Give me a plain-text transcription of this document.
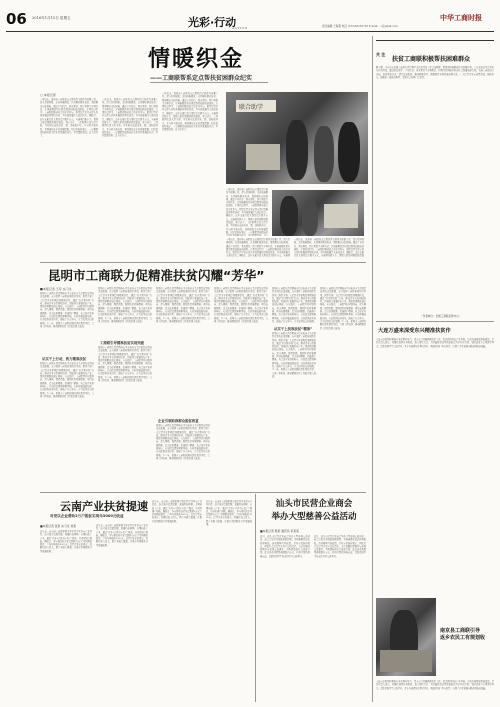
06 2016年1月15日 星期五	光彩·行动
ACTION
中华工商时报
责任编辑 王海燕 电话 (010)58252795 E-mail: ···@gmail.com
情暖织金
——工商联帮系定点帮扶贫困群众纪实
□ 本报记者
一直以来，贵州省工商联将定点帮扶织金县作为重要工作，深入贫困村组，走访困难群众，认真倾听群众诉求，帮助解决实际困难。通过产业扶持、教育帮扶、医疗救助等多种方式，让困难群众切实感受到党和政府的温暖。在帮扶过程中，工商联积极动员会员企业参与，组织民营企业家深入乡村开展结对帮扶活动，为当地发展注入新的活力。据统计，近年来累计投入帮扶资金数千万元，实施项目数十个，帮助大批贫困群众脱贫致富。春节前夕，工作组再次深入织金县，为贫困家庭送去米、面、油和慰问金，并与村干部座谈，共同谋划来年的发展思路。村民们纷纷表示，一定要把党和政府的关怀化作发展的动力，早日摆脱贫困，过上好日子。
一直以来，贵州省工商联将定点帮扶织金县作为重要工作，深入贫困村组，走访困难群众，认真倾听群众诉求，帮助解决实际困难。通过产业扶持、教育帮扶、医疗救助等多种方式，让困难群众切实感受到党和政府的温暖。在帮扶过程中，工商联积极动员会员企业参与，组织民营企业家深入乡村开展结对帮扶活动，为当地发展注入新的活力。据统计，近年来累计投入帮扶资金数千万元，实施项目数十个，帮助大批贫困群众脱贫致富。春节前夕，工作组再次深入织金县，为贫困家庭送去米、面、油和慰问金，并与村干部座谈，共同谋划来年的发展思路。村民们纷纷表示，一定要把党和政府的关怀化作发展的动力，早日摆脱贫困，过上好日子。
一直以来，贵州省工商联将定点帮扶织金县作为重要工作，深入贫困村组，走访困难群众，认真倾听群众诉求，帮助解决实际困难。通过产业扶持、教育帮扶、医疗救助等多种方式，让困难群众切实感受到党和政府的温暖。在帮扶过程中，工商联积极动员会员企业参与，组织民营企业家深入乡村开展结对帮扶活动，为当地发展注入新的活力。据统计，近年来累计投入帮扶资金数千万元，实施项目数十个，帮助大批贫困群众脱贫致富。春节前夕，工作组再次深入织金县，为贫困家庭送去米、面、油和慰问金，并与村干部座谈，共同谋划来年的发展思路。村民们纷纷表示，一定要把党和政府的关怀化作发展的动力，早日摆脱贫困，过上好日子。
联合助学
一直以来，贵州省工商联将定点帮扶织金县作为重要工作，深入贫困村组，走访困难群众，认真倾听群众诉求，帮助解决实际困难。通过产业扶持、教育帮扶、医疗救助等多种方式，让困难群众切实感受到党和政府的温暖。在帮扶过程中，工商联积极动员会员企业参与，组织民营企业家深入乡村开展结对帮扶活动，为当地发展注入新的活力。据统计，近年来累计投入帮扶资金数千万元，实施项目数十个，帮助大批贫困群众脱贫致富。春节前夕，工作组再次深入织金县，为贫困家庭送去米、面、油和慰问金，并与村干部座谈，共同谋划来年的发展思路。村民们纷纷表示，一定要把党和政府的关怀化作发展的动力，早日摆脱贫困，过上
一直以来，贵州省工商联将定点帮扶织金县作为重要工作，深入贫困村组，走访困难群众，认真倾听群众诉求，帮助解决实际困难。通过产业扶持、教育帮扶、医疗救助等多种方式，让困难群众切实感受到党和政府的温暖。在帮扶过程中，工商联积极动员会员企业参与，组织民营企业家深入乡村开展结对帮扶活动，为当地发展注入新的活力。据统计，近年来累计投入帮扶资金数千万元，实施项
一直以来，贵州省工商联将定点帮扶织金县作为重要工作，深入贫困村组，走访困难群众，认真倾听群众诉求，帮助解决实际困难。通过产业扶持、教育帮扶、医疗救助等多种方式，让困难群众切实感受到党和政府的温暖。在帮扶过程中，工商联积极动员会员企业参与，组织民营企业家深入乡村开展结对帮扶活动，为当地发展注入新的活力。据统计，近年来累计投入帮扶资金数千万元，实施项目数十个，帮助大批贫困群众脱贫致
关 注
扶贫工商联积极帮扶困难群众
据了解，今年以来各级工商联认真贯彻中央扶贫开发工作会议精神，把帮助困难群众作为重要任务，广泛动员民营企业参与扶贫开发，通过捐资助学、产业扶持、就业帮扶等多种形式，积极为贫困地区经济社会发展贡献力量。各地工商联结合实际，创新帮扶方式，建立长效机制，推动精准扶贫、精准脱贫各项措施落到实处。广大民营企业家热情高涨，踊跃参与，涌现出一批先进典型，受到社会各界广泛好评。
（作者单位：全国工商联宣教中心）
大连万盛来深受东兴精准扶贫作
大连万盛集团积极响应光彩事业号召，深入东兴开展精准扶贫工作，投资建设特色产业基地，带动当地群众增收致富。企业负责人表示，将继续发挥自身优势，加大帮扶力度，为打赢脱贫攻坚战贡献民营企业的力量。集团还设立专项助学基金，资助贫困学生完成学业，并在当地建设养殖合作社，吸纳贫困户参与经营，实现了企业发展与群众增收的双赢。
南京县工商联引导
返乡农民工有规划收
大连万盛集团积极响应光彩事业号召，深入东兴开展精准扶贫工作，投资建设特色产业基地，带动当地群众增收致富。企业负责人表示，将继续发挥自身优势，加大帮扶力度，为打赢脱贫攻坚战贡献民营企业的力量。集团还设立专项助学基金，资助贫困学生完成学业，并在当地建设养殖合作社，吸纳贫困户参与经营，实现了企业发展与群众增收的双赢。
昆明市工商联力促精准扶贫闪耀“芳华”
■本报记者 王有 实习生
昆明市工商联认真贯彻落实中央和省市关于脱贫攻坚的决策部署，充分发挥工商联桥梁纽带作用，组织引导广大民营企业积极投身精准扶贫。通过“百企帮百村”行动，推动企业与贫困村结对，因地制宜发展特色产业，帮助贫困群众稳定增收。在实践中，工商联坚持问题导向，深入调研，摸清底数，做到扶贫对象精准、项目安排精准、资金使用精准、措施到户精准。各会员企业纷纷响应，有的投资建设种植基地，有的开展技能培训，有的提供就业岗位，形成了多元参与、合力攻坚的良好局面。下一步，昆明市工商联将继续深化帮扶举措，完善工作机制，推动精准扶贫工作取得更大成效。
从实干上行动，致力精准扶贫
昆明市工商联认真贯彻落实中央和省市关于脱贫攻坚的决策部署，充分发挥工商联桥梁纽带作用，组织引导广大民营企业积极投身精准扶贫。通过“百企帮百村”行动，推动企业与贫困村结对，因地制宜发展特色产业，帮助贫困群众稳定增收。在实践中，工商联坚持问题导向，深入调研，摸清底数，做到扶贫对象精准、项目安排精准、资金使用精准、措施到户精准。各会员企业纷纷响应，有的投资建设种植基地，有的开展技能培训，有的提供就业岗位，形成了多元参与、合力攻坚的良好局面。下一步，昆明市工商联将继续深化帮扶举措，完善工作机制，推动精准扶贫工作取得更大成效。
昆明市工商联认真贯彻落实中央和省市关于脱贫攻坚的决策部署，充分发挥工商联桥梁纽带作用，组织引导广大民营企业积极投身精准扶贫。通过“百企帮百村”行动，推动企业与贫困村结对，因地制宜发展特色产业，帮助贫困群众稳定增收。在实践中，工商联坚持问题导向，深入调研，摸清底数，做到扶贫对象精准、项目安排精准、资金使用精准、措施到户精准。各会员企业纷纷响应，有的投资建设种植基地，有的开展技能培训，有的提供就业岗位，形成了多元参与、合力攻坚的良好局面。下一步，昆明市工商联将继续深化帮扶举措，完善工作机制，推动精准扶贫工作取得更大成效。
工商联引导精准扶贫实现突破
昆明市工商联认真贯彻落实中央和省市关于脱贫攻坚的决策部署，充分发挥工商联桥梁纽带作用，组织引导广大民营企业积极投身精准扶贫。通过“百企帮百村”行动，推动企业与贫困村结对，因地制宜发展特色产业，帮助贫困群众稳定增收。在实践中，工商联坚持问题导向，深入调研，摸清底数，做到扶贫对象精准、项目安排精准、资金使用精准、措施到户精准。各会员企业纷纷响应，有的投资建设种植基地，有的开展技能培训，有的提供就业岗位，形成了多元参与、合力攻坚的良好局面。下一步，昆明市工商联将继续深化帮扶举措，完善工作机制，推动精准扶贫工作取得更大成效。
昆明市工商联认真贯彻落实中央和省市关于脱贫攻坚的决策部署，充分发挥工商联桥梁纽带作用，组织引导广大民营企业积极投身精准扶贫。通过“百企帮百村”行动，推动企业与贫困村结对，因地制宜发展特色产业，帮助贫困群众稳定增收。在实践中，工商联坚持问题导向，深入调研，摸清底数，做到扶贫对象精准、项目安排精准、资金使用精准、措施到户精准。各会员企业纷纷响应，有的投资建设种植基地，有的开展技能培训，有的提供就业岗位，形成了多元参与、合力攻坚的良好局面。下一步，昆明市工商联将继续深化帮扶举措，完善工作机制，推动精准扶贫工作取得更大成效。
企业引领助推群众脱贫致富
昆明市工商联认真贯彻落实中央和省市关于脱贫攻坚的决策部署，充分发挥工商联桥梁纽带作用，组织引导广大民营企业积极投身精准扶贫。通过“百企帮百村”行动，推动企业与贫困村结对，因地制宜发展特色产业，帮助贫困群众稳定增收。在实践中，工商联坚持问题导向，深入调研，摸清底数，做到扶贫对象精准、项目安排精准、资金使用精准、措施到户精准。各会员企业纷纷响应，有的投资建设种植基地，有的开展技能培训，有的提供就业岗位，形成了多元参与、合力攻坚的良好局面。下一步，昆明市工商联将继续深化帮扶举措，完善工作机制，推动精准扶贫工作取得更大成效。
昆明市工商联认真贯彻落实中央和省市关于脱贫攻坚的决策部署，充分发挥工商联桥梁纽带作用，组织引导广大民营企业积极投身精准扶贫。通过“百企帮百村”行动，推动企业与贫困村结对，因地制宜发展特色产业，帮助贫困群众稳定增收。在实践中，工商联坚持问题导向，深入调研，摸清底数，做到扶贫对象精准、项目安排精准、资金使用精准、措施到户精准。各会员企业纷纷响应，有的投资建设种植基地，有的开展技能培训，有的提供就业岗位，形成了多元参与、合力攻坚的良好局面。下一步，昆明市工商联将继续深化帮扶举措，完善工作机制，推动精准扶贫工作取得更大成效。
昆明市工商联认真贯彻落实中央和省市关于脱贫攻坚的决策部署，充分发挥工商联桥梁纽带作用，组织引导广大民营企业积极投身精准扶贫。通过“百企帮百村”行动，推动企业与贫困村结对，因地制宜发展特色产业，帮助贫困群众稳定增收。在实践中，工商联坚持问题导向，深入调研，摸清底数，做到扶贫对象精准、项目安排精准、资金使用精准、措施到户精准。各会员企业纷纷响应，有的投资建设种植基地，有的开展技能培训，有的提供就业岗位，形成了多元参与、合力攻坚的良好局面。
从实干上找准扶贫“精准”
昆明市工商联认真贯彻落实中央和省市关于脱贫攻坚的决策部署，充分发挥工商联桥梁纽带作用，组织引导广大民营企业积极投身精准扶贫。通过“百企帮百村”行动，推动企业与贫困村结对，因地制宜发展特色产业，帮助贫困群众稳定增收。在实践中，工商联坚持问题导向，深入调研，摸清底数，做到扶贫对象精准、项目安排精准、资金使用精准、措施到户精准。各会员企业纷纷响应，有的投资建设种植基地，有的开展技能培训，有的提供就业岗位，形成了多元参与、合力攻坚的良好局面。下一步，昆明市工商联将继续深化帮扶举措，完善工作机制，推动精准扶贫工作取得更大成效。
昆明市工商联认真贯彻落实中央和省市关于脱贫攻坚的决策部署，充分发挥工商联桥梁纽带作用，组织引导广大民营企业积极投身精准扶贫。通过“百企帮百村”行动，推动企业与贫困村结对，因地制宜发展特色产业，帮助贫困群众稳定增收。在实践中，工商联坚持问题导向，深入调研，摸清底数，做到扶贫对象精准、项目安排精准、资金使用精准、措施到户精准。各会员企业纷纷响应，有的投资建设种植基地，有的开展技能培训，有的提供就业岗位，形成了多元参与、合力攻坚的良好局面。下一步，昆明市工商联将继续深化帮扶举措，完善工作机制，推动精准扶贫工作取得更大成效。
云南产业扶贫提速
对党以企业帮助2万户脱贫实现年3000元收益
■本报记者 张某 实习生 刘某
近年来，云南省工商联积极引导民营企业参与产业扶贫，结合地方资源禀赋，发展特色种植、养殖和加工产业，通过“企业+合作社+农户”模式，带动贫困户增收。据统计，参与帮扶的企业已帮助2万余户贫困群众脱贫，户均年增收约3000元。民营企业家们表示，将继续加大投入，把产业做大做强，让更多贫困群众分享发展成果。
近年来，云南省工商联积极引导民营企业参与产业扶贫，结合地方资源禀赋，发展特色种植、养殖和加工产业，通过“企业+合作社+农户”模式，带动贫困户增收。据统计，参与帮扶的企业已帮助2万余户贫困群众脱贫，户均年增收约3000元。民营企业家们表示，将继续加大投入，把产业做大做强，让更多贫困群众分享发展成果。
近年来，云南省工商联积极引导民营企业参与产业扶贫，结合地方资源禀赋，发展特色种植、养殖和加工产业，通过“企业+合作社+农户”模式，带动贫困户增收。据统计，参与帮扶的企业已帮助2万余户贫困群众脱贫，户均年增收约3000元。民营企业家们表示，将继续加大投入，把产业做大做强，让更多贫困群众分享发展成果。
近年来，云南省工商联积极引导民营企业参与产业扶贫，结合地方资源禀赋，发展特色种植、养殖和加工产业，通过“企业+合作社+农户”模式，带动贫困户增收。据统计，参与帮扶的企业已帮助2万余户贫困群众脱贫，户均年增收约3000元。民营企业家们表示，将继续加大投入，把产业做大做强，让更多贫困群众分享发展成果。
汕头市民营企业商会
举办大型慈善公益活动
■本报记者 陈某 通讯员 李某某
近日，汕头市民营企业商会举办大型慈善公益活动，商会会员企业踊跃捐款捐物，为困难群众送去新春祝福。活动现场气氛热烈，企业家们纷纷表示，回报社会是民营企业应尽的责任，今后将继续积极参与慈善公益事业，为构建和谐社会贡献力量。此次活动共募集善款数百万元，将用于帮扶困难家庭、资助贫困学生和支持社区公益项目。
近日，汕头市民营企业商会举办大型慈善公益活动，商会会员企业踊跃捐款捐物，为困难群众送去新春祝福。活动现场气氛热烈，企业家们纷纷表示，回报社会是民营企业应尽的责任，今后将继续积极参与慈善公益事业，为构建和谐社会贡献力量。此次活动共募集善款数百万元，将用于帮扶困难家庭、资助贫困学生和支持社区公益项目。
